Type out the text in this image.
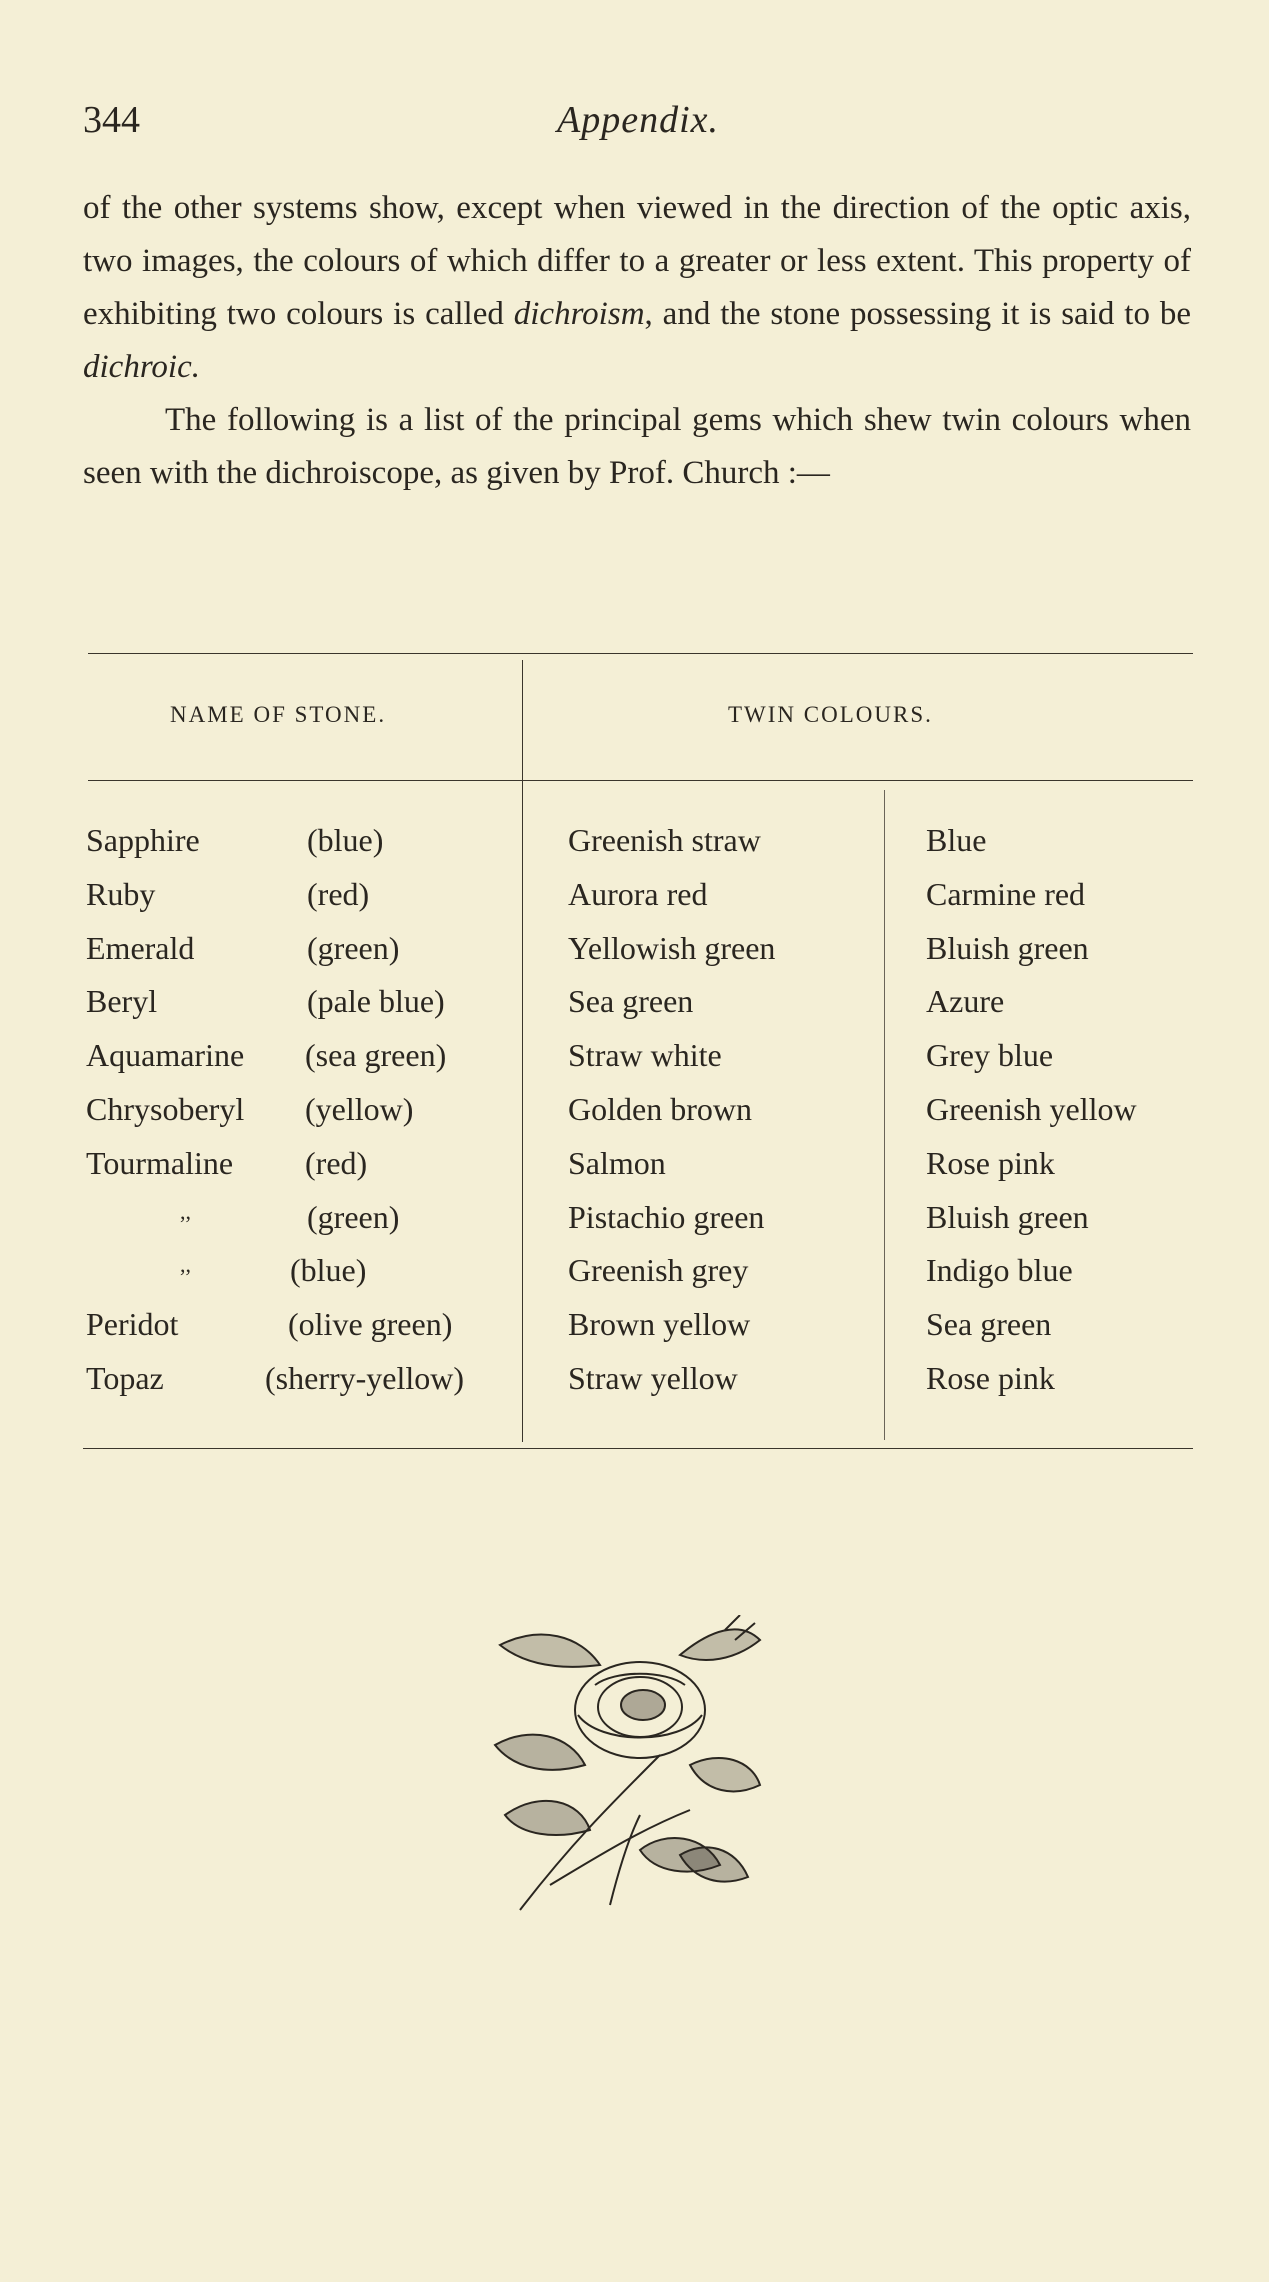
344	Appendix.

of the other systems show, except when viewed in the direction of the optic axis, two images, the colours of which differ to a greater or less extent. This property of exhibiting two colours is called dichroism, and the stone possessing it is said to be dichroic.

The following is a list of the principal gems which shew twin colours when seen with the dichroiscope, as given by Prof. Church :—

NAME OF STONE.	TWIN COLOURS.
Sapphire	(blue)	Greenish straw	Blue
Ruby	(red)	Aurora red	Carmine red
Emerald	(green)	Yellowish green	Bluish green
Beryl	(pale blue)	Sea green	Azure
Aquamarine (sea green)	Straw white	Grey blue
Chrysoberyl (yellow)	Golden brown	Greenish yellow
Tourmaline (red)	Salmon	Rose pink
,,	(green)	Pistachio green	Bluish green
,,	(blue)	Greenish grey	Indigo blue
Peridot	(olive green)	Brown yellow	Sea green
Topaz	(sherry-yellow)	Straw yellow	Rose pink
